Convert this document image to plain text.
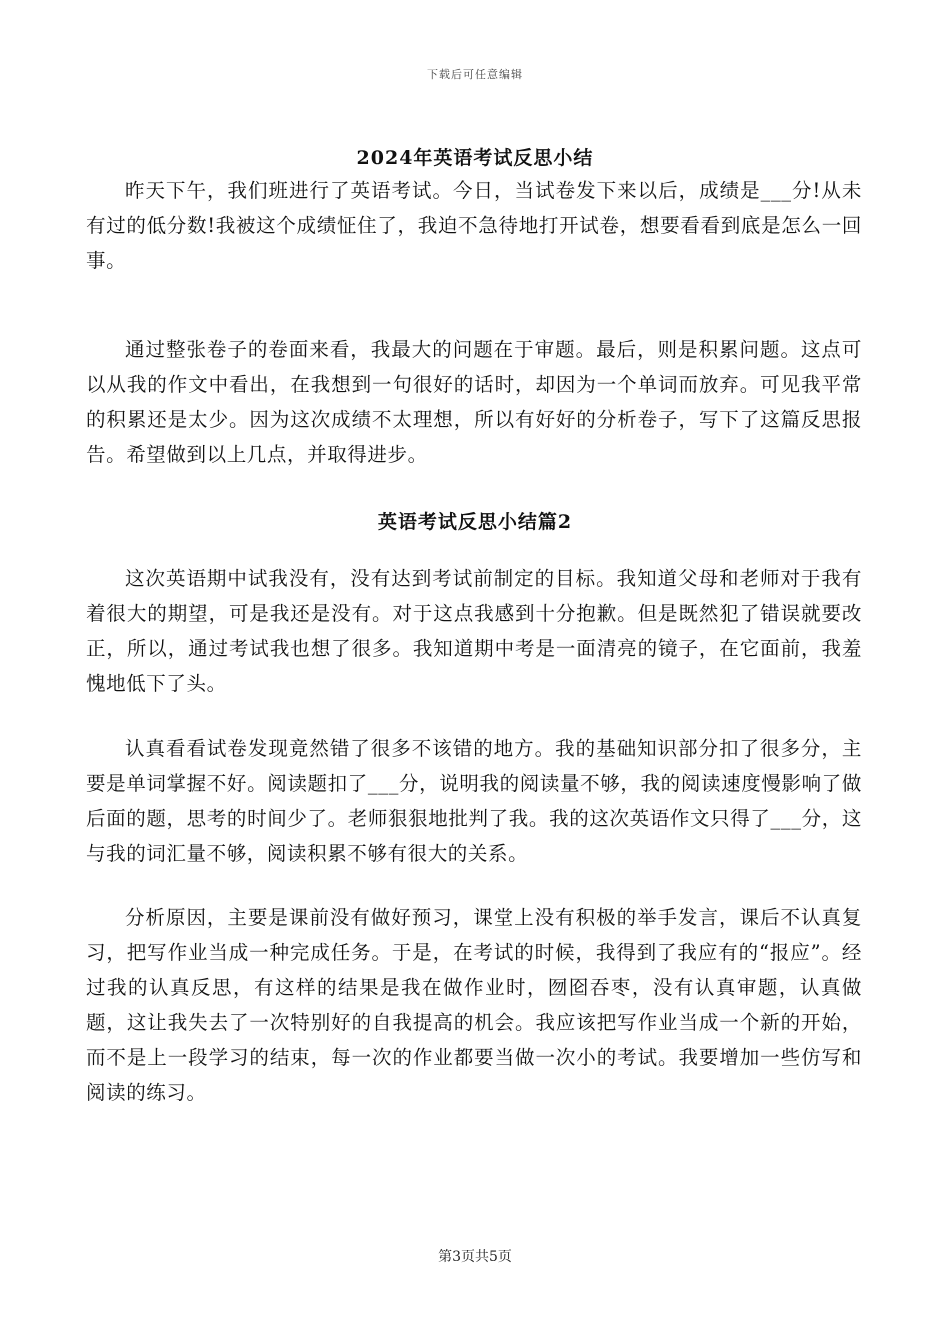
下载后可任意编辑
2024年英语考试反思小结

昨天下午，我们班进行了英语考试。今日，当试卷发下来以后，成绩是___分!从未有过的低分数!我被这个成绩怔住了，我迫不急待地打开试卷，想要看看到底是怎么一回事。

通过整张卷子的卷面来看，我最大的问题在于审题。最后，则是积累问题。这点可以从我的作文中看出，在我想到一句很好的话时，却因为一个单词而放弃。可见我平常的积累还是太少。因为这次成绩不太理想，所以有好好的分析卷子，写下了这篇反思报告。希望做到以上几点，并取得进步。

英语考试反思小结篇2

这次英语期中试我没有，没有达到考试前制定的目标。我知道父母和老师对于我有着很大的期望，可是我还是没有。对于这点我感到十分抱歉。但是既然犯了错误就要改正，所以，通过考试我也想了很多。我知道期中考是一面清亮的镜子，在它面前，我羞愧地低下了头。

认真看看试卷发现竟然错了很多不该错的地方。我的基础知识部分扣了很多分，主要是单词掌握不好。阅读题扣了___分，说明我的阅读量不够，我的阅读速度慢影响了做后面的题，思考的时间少了。老师狠狠地批判了我。我的这次英语作文只得了___分，这与我的词汇量不够，阅读积累不够有很大的关系。

分析原因，主要是课前没有做好预习，课堂上没有积极的举手发言，课后不认真复习，把写作业当成一种完成任务。于是，在考试的时候，我得到了我应有的“报应”。经过我的认真反思，有这样的结果是我在做作业时，囫囵吞枣，没有认真审题，认真做题，这让我失去了一次特别好的自我提高的机会。我应该把写作业当成一个新的开始，而不是上一段学习的结束，每一次的作业都要当做一次小的考试。我要增加一些仿写和阅读的练习。

第3页共5页
